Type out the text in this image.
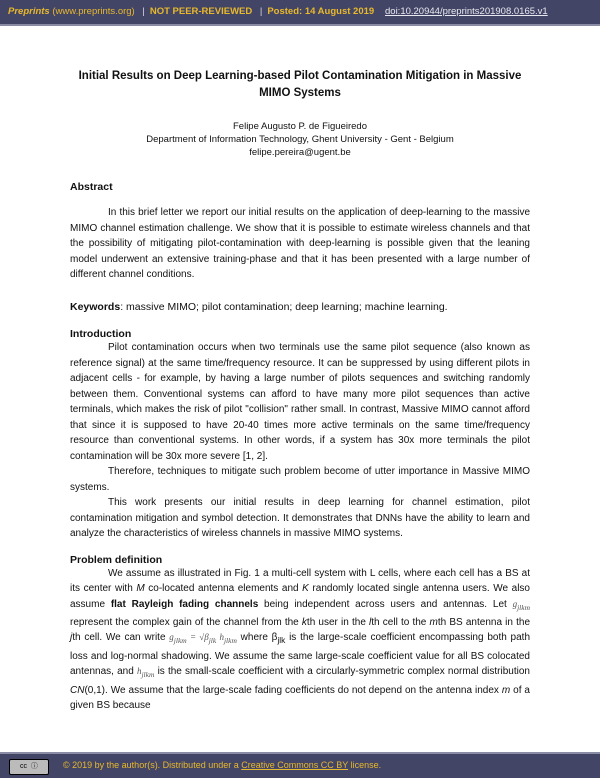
Preprints (www.preprints.org) | NOT PEER-REVIEWED | Posted: 14 August 2019 doi:10.20944/preprints201908.0165.v1
Initial Results on Deep Learning-based Pilot Contamination Mitigation in Massive MIMO Systems
Felipe Augusto P. de Figueiredo
Department of Information Technology, Ghent University - Gent - Belgium
felipe.pereira@ugent.be
Abstract

In this brief letter we report our initial results on the application of deep-learning to the massive MIMO channel estimation challenge. We show that it is possible to estimate wireless channels and that the possibility of mitigating pilot-contamination with deep-learning is possible given that the leaning model underwent an extensive training-phase and that it has been presented with a large number of different channel conditions.

Keywords: massive MIMO; pilot contamination; deep learning; machine learning.

Introduction

Pilot contamination occurs when two terminals use the same pilot sequence (also known as reference signal) at the same time/frequency resource. It can be suppressed by using different pilots in adjacent cells - for example, by having a large number of pilots sequences and switching randomly between them. Conventional systems can afford to have many more pilot sequences than active terminals, which makes the risk of pilot "collision" rather small. In contrast, Massive MIMO cannot afford that since it is supposed to have 20-40 times more active terminals on the same time/frequency resource than conventional systems. In other words, if a system has 30x more terminals the pilot contamination will be 30x more severe [1, 2].

Therefore, techniques to mitigate such problem become of utter importance in Massive MIMO systems.

This work presents our initial results in deep learning for channel estimation, pilot contamination mitigation and symbol detection. It demonstrates that DNNs have the ability to learn and analyze the characteristics of wireless channels in massive MIMO systems.

Problem definition

We assume as illustrated in Fig. 1 a multi-cell system with L cells, where each cell has a BS at its center with M co-located antenna elements and K randomly located single antenna users. We also assume flat Rayleigh fading channels being independent across users and antennas. Let $g_{jlkm}$ represent the complex gain of the channel from the kth user in the lth cell to the mth BS antenna in the jth cell. We can write $g_{jlkm} = √\beta_{jlk}$ $h_{jlkm}$ where $\beta_{jlk}$ is the large-scale coefficient encompassing both path loss and log-normal shadowing. We assume the same large-scale coefficient value for all BS colocated antennas, and $h_{jlkm}$ is the small-scale coefficient with a circularly-symmetric complex normal distribution CN(0,1). We assume that the large-scale fading coefficients do not depend on the antenna index m of a given BS because

cc  ⓘ	© 2019 by the author(s). Distributed under a Creative Commons CC BY license.
